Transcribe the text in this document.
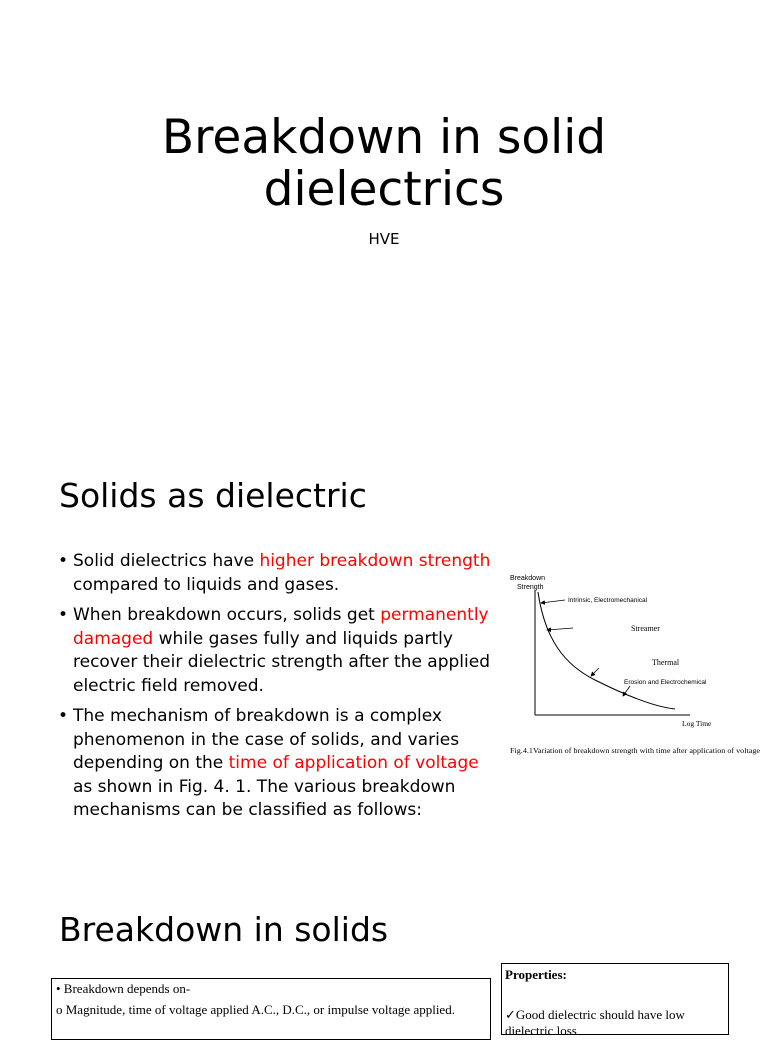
Breakdown in solid
dielectrics
HVE
Solids as dielectric
• Solid dielectrics have higher breakdown strength compared to liquids and gases.
• When breakdown occurs, solids get permanently damaged while gases fully and liquids partly recover their dielectric strength after the applied electric field removed.
• The mechanism of breakdown is a complex phenomenon in the case of solids, and varies depending on the time of application of voltage as shown in Fig. 4. 1. The various breakdown mechanisms can be classified as follows:
Breakdown
Strength
Intrinsic, Electromechanical
Streamer
Thermal
Erosion and Electrochemical
Log Time
Fig.4.1Variation of breakdown strength with time after application of voltage
Breakdown in solids
• Breakdown depends on-
o Magnitude, time of voltage applied A.C., D.C., or impulse voltage applied.
Properties:
✓Good dielectric should have low dielectric loss
